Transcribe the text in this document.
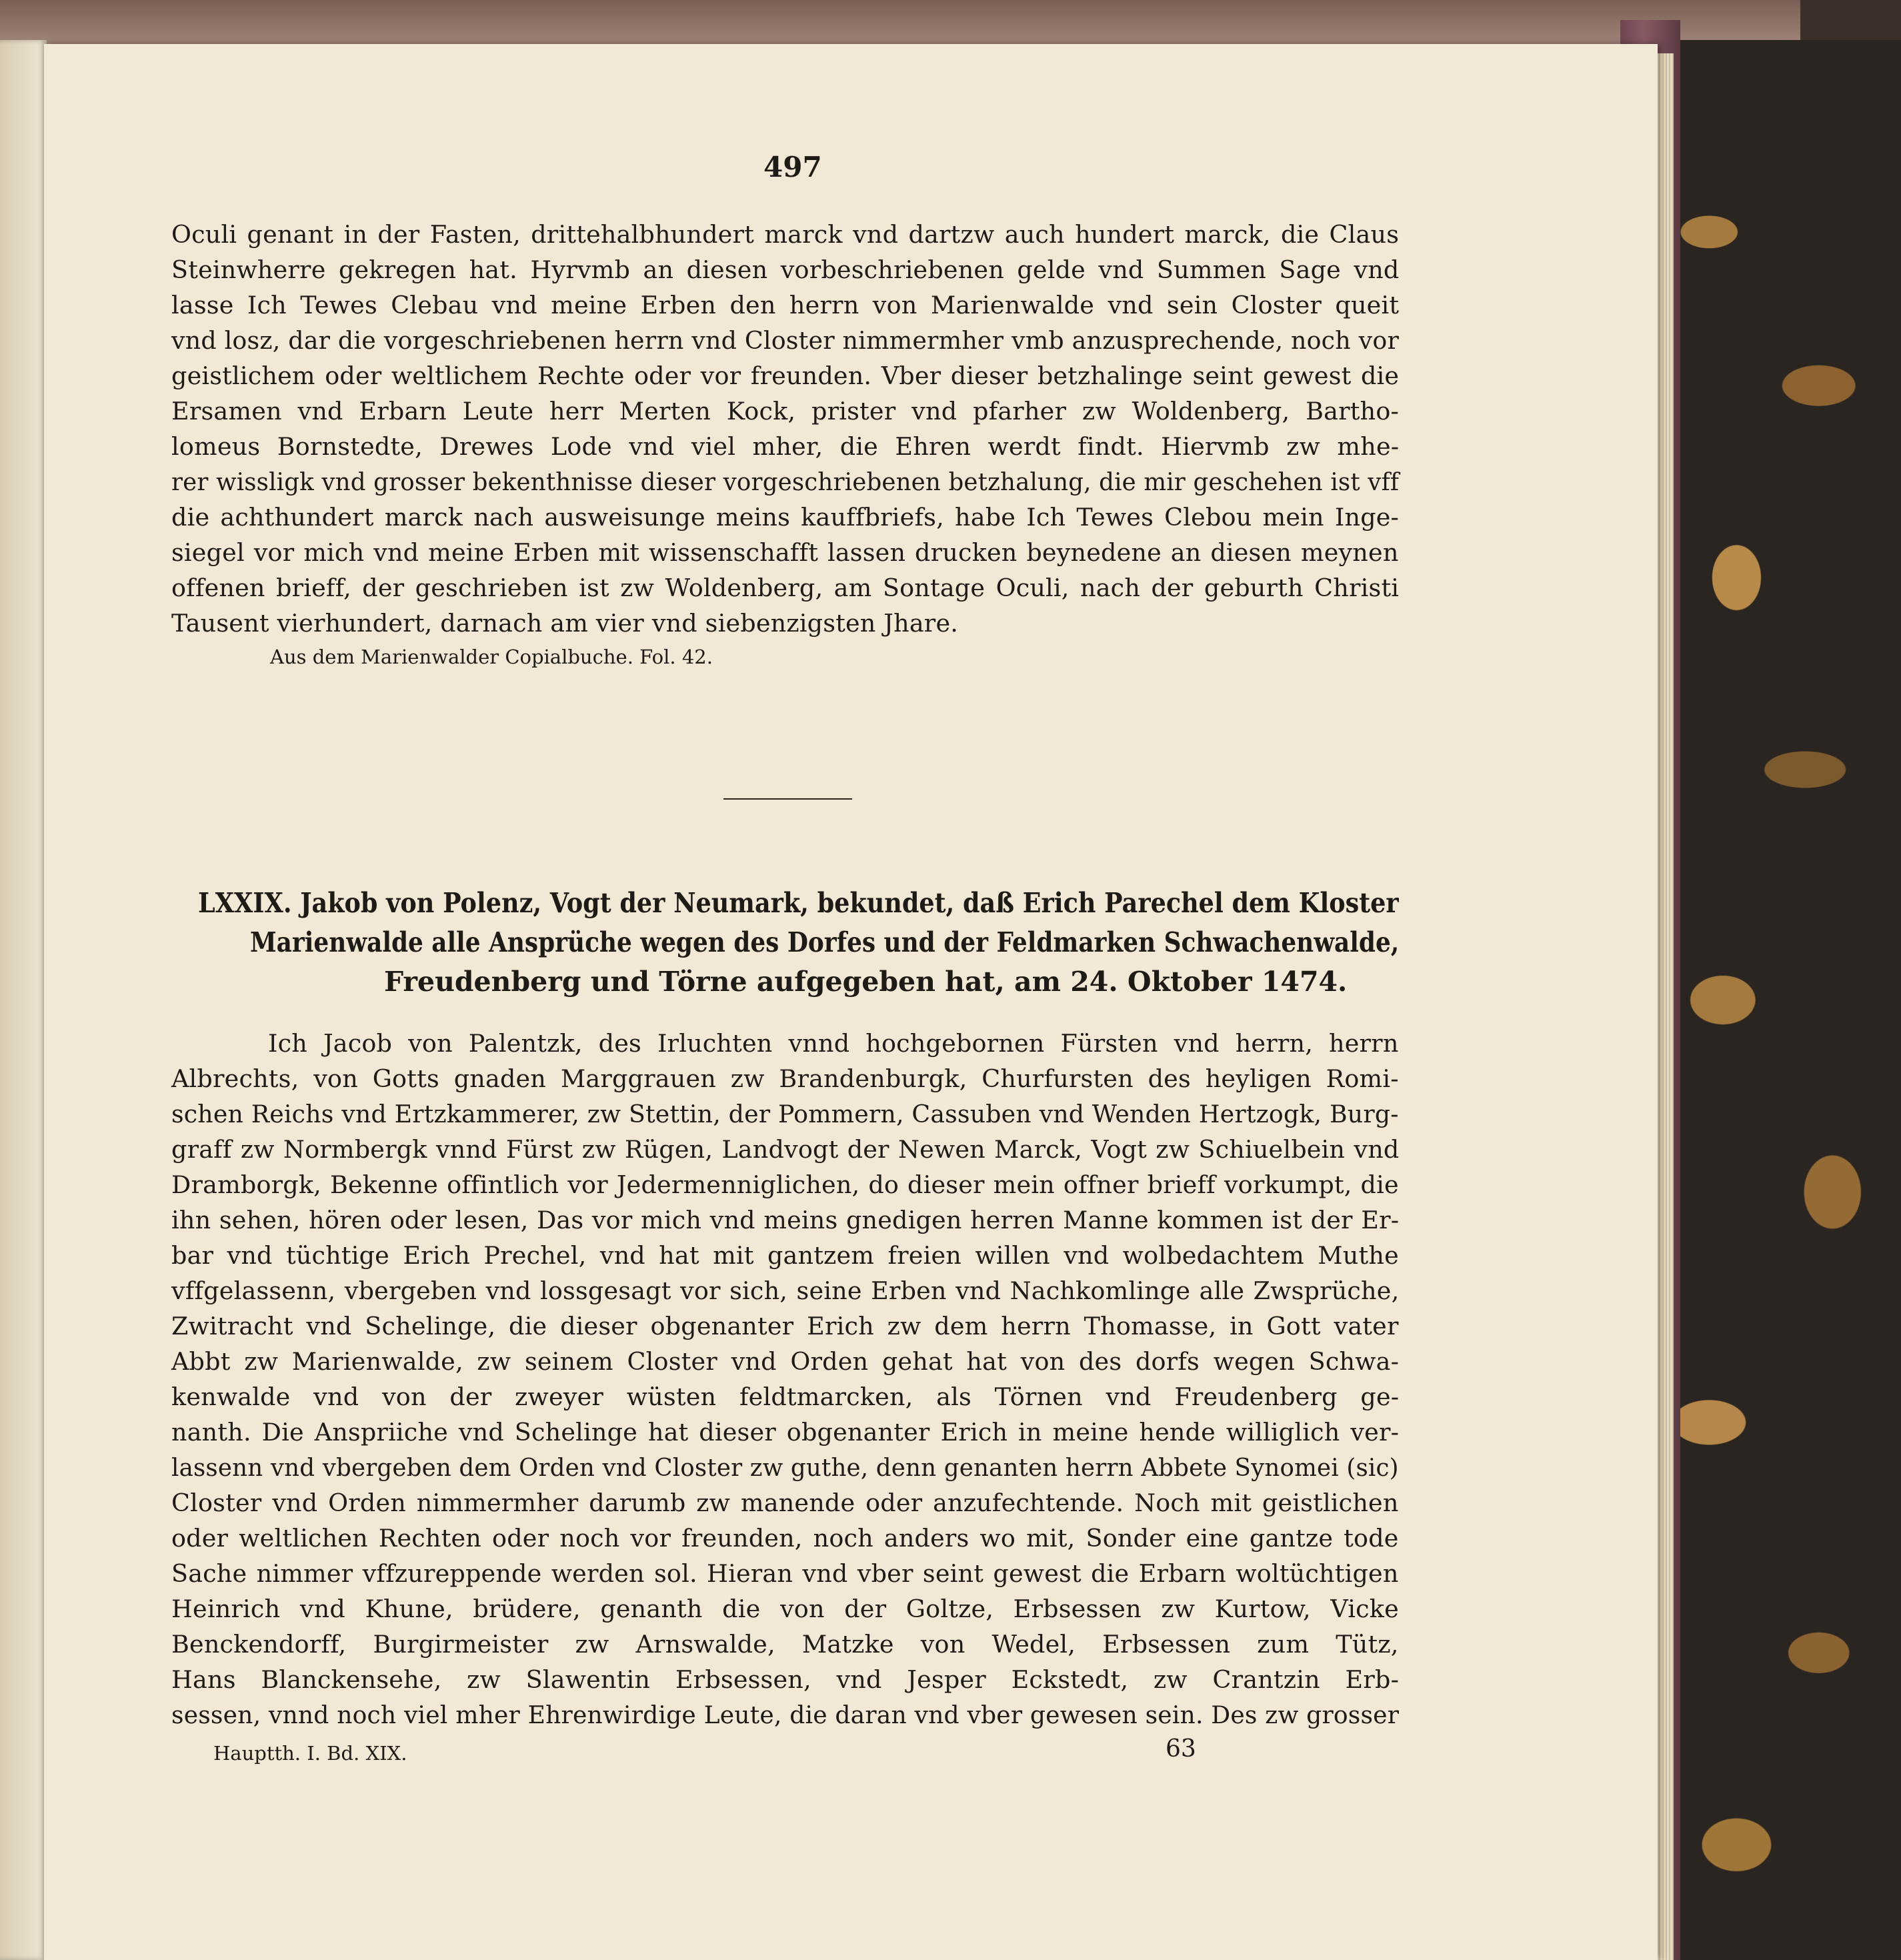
497
Oculi genant in der Fasten, drittehalbhundert marck vnd dartzw auch hundert marck, die Claus
Steinwherre gekregen hat. Hyrvmb an diesen vorbeschriebenen gelde vnd Summen Sage vnd
lasse Ich Tewes Clebau vnd meine Erben den herrn von Marienwalde vnd sein Closter queit
vnd losz, dar die vorgeschriebenen herrn vnd Closter nimmermher vmb anzusprechende, noch vor
geistlichem oder weltlichem Rechte oder vor freunden. Vber dieser betzhalinge seint gewest die
Ersamen vnd Erbarn Leute herr Merten Kock, prister vnd pfarher zw Woldenberg, Bartho-
lomeus Bornstedte, Drewes Lode vnd viel mher, die Ehren werdt findt. Hiervmb zw mhe-
rer wissligk vnd grosser bekenthnisse dieser vorgeschriebenen betzhalung, die mir geschehen ist vff
die achthundert marck nach ausweisunge meins kauffbriefs, habe Ich Tewes Clebou mein Inge-
siegel vor mich vnd meine Erben mit wissenschafft lassen drucken beynedene an diesen meynen
offenen brieff, der geschrieben ist zw Woldenberg, am Sontage Oculi, nach der geburth Christi
Tausent vierhundert, darnach am vier vnd siebenzigsten Jhare.
Aus dem Marienwalder Copialbuche. Fol. 42.
LXXIX. Jakob von Polenz, Vogt der Neumark, bekundet, daß Erich Parechel dem Kloster
Marienwalde alle Ansprüche wegen des Dorfes und der Feldmarken Schwachenwalde,
Freudenberg und Törne aufgegeben hat, am 24. Oktober 1474.
Ich Jacob von Palentzk, des Irluchten vnnd hochgebornen Fürsten vnd herrn, herrn
Albrechts, von Gotts gnaden Marggrauen zw Brandenburgk, Churfursten des heyligen Romi-
schen Reichs vnd Ertzkammerer, zw Stettin, der Pommern, Cassuben vnd Wenden Hertzogk, Burg-
graff zw Normbergk vnnd Fürst zw Rügen, Landvogt der Newen Marck, Vogt zw Schiuelbein vnd
Dramborgk, Bekenne offintlich vor Jedermenniglichen, do dieser mein offner brieff vorkumpt, die
ihn sehen, hören oder lesen, Das vor mich vnd meins gnedigen herren Manne kommen ist der Er-
bar vnd tüchtige Erich Prechel, vnd hat mit gantzem freien willen vnd wolbedachtem Muthe
vffgelassenn, vbergeben vnd lossgesagt vor sich, seine Erben vnd Nachkomlinge alle Zwsprüche,
Zwitracht vnd Schelinge, die dieser obgenanter Erich zw dem herrn Thomasse, in Gott vater
Abbt zw Marienwalde, zw seinem Closter vnd Orden gehat hat von des dorfs wegen Schwa-
kenwalde vnd von der zweyer wüsten feldtmarcken, als Törnen vnd Freudenberg ge-
nanth. Die Anspriiche vnd Schelinge hat dieser obgenanter Erich in meine hende williglich ver-
lassenn vnd vbergeben dem Orden vnd Closter zw guthe, denn genanten herrn Abbete Synomei (sic)
Closter vnd Orden nimmermher darumb zw manende oder anzufechtende. Noch mit geistlichen
oder weltlichen Rechten oder noch vor freunden, noch anders wo mit, Sonder eine gantze tode
Sache nimmer vffzureppende werden sol. Hieran vnd vber seint gewest die Erbarn woltüchtigen
Heinrich vnd Khune, brüdere, genanth die von der Goltze, Erbsessen zw Kurtow, Vicke
Benckendorff, Burgirmeister zw Arnswalde, Matzke von Wedel, Erbsessen zum Tütz,
Hans Blanckensehe, zw Slawentin Erbsessen, vnd Jesper Eckstedt, zw Crantzin Erb-
sessen, vnnd noch viel mher Ehrenwirdige Leute, die daran vnd vber gewesen sein. Des zw grosser
Hauptth. I. Bd. XIX.	63
